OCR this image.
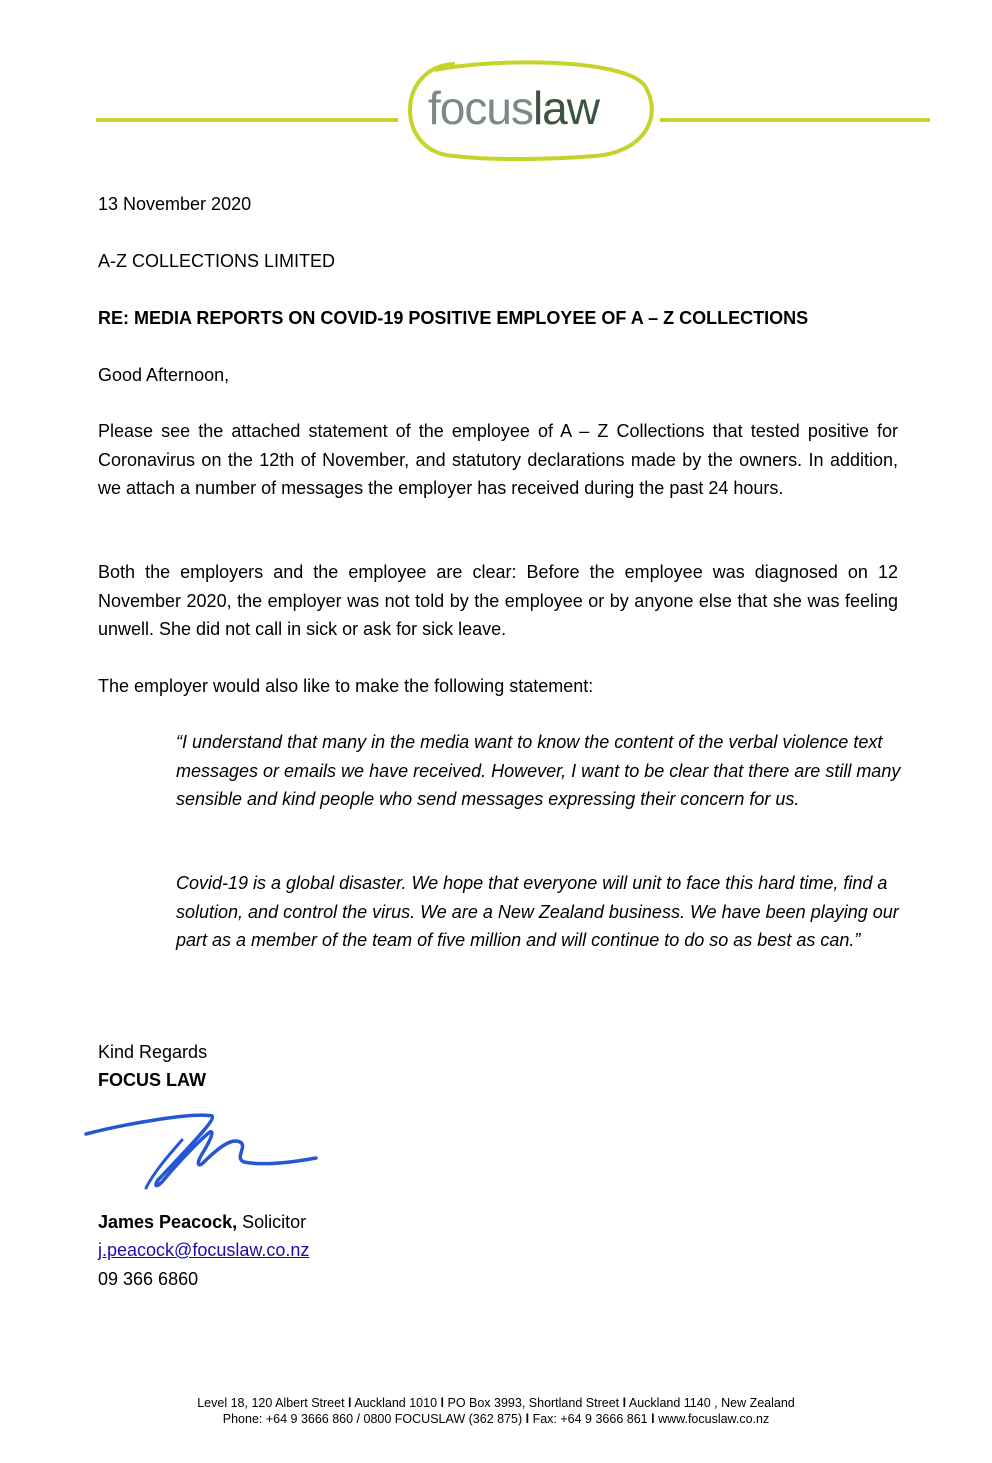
focuslaw
13 November 2020
A-Z COLLECTIONS LIMITED
RE: MEDIA REPORTS ON COVID-19 POSITIVE EMPLOYEE OF A – Z COLLECTIONS
Good Afternoon,
Please see the attached statement of the employee of A – Z Collections that tested positive for Coronavirus on the 12th of November, and statutory declarations made by the owners. In addition, we attach a number of messages the employer has received during the past 24 hours.
Both the employers and the employee are clear: Before the employee was diagnosed on 12 November 2020, the employer was not told by the employee or by anyone else that she was feeling unwell. She did not call in sick or ask for sick leave.
The employer would also like to make the following statement:
“I understand that many in the media want to know the content of the verbal violence text messages or emails we have received. However, I want to be clear that there are still many sensible and kind people who send messages expressing their concern for us.
Covid-19 is a global disaster. We hope that everyone will unit to face this hard time, find a solution, and control the virus. We are a New Zealand business. We have been playing our part as a member of the team of five million and will continue to do so as best as can.”
Kind Regards
FOCUS LAW
James Peacock, Solicitor
j.peacock@focuslaw.co.nz
09 366 6860
Level 18, 120 Albert Street l Auckland 1010 l PO Box 3993, Shortland Street l Auckland 1140 , New Zealand
Phone: +64 9 3666 860 / 0800 FOCUSLAW (362 875) l Fax: +64 9 3666 861 l www.focuslaw.co.nz
